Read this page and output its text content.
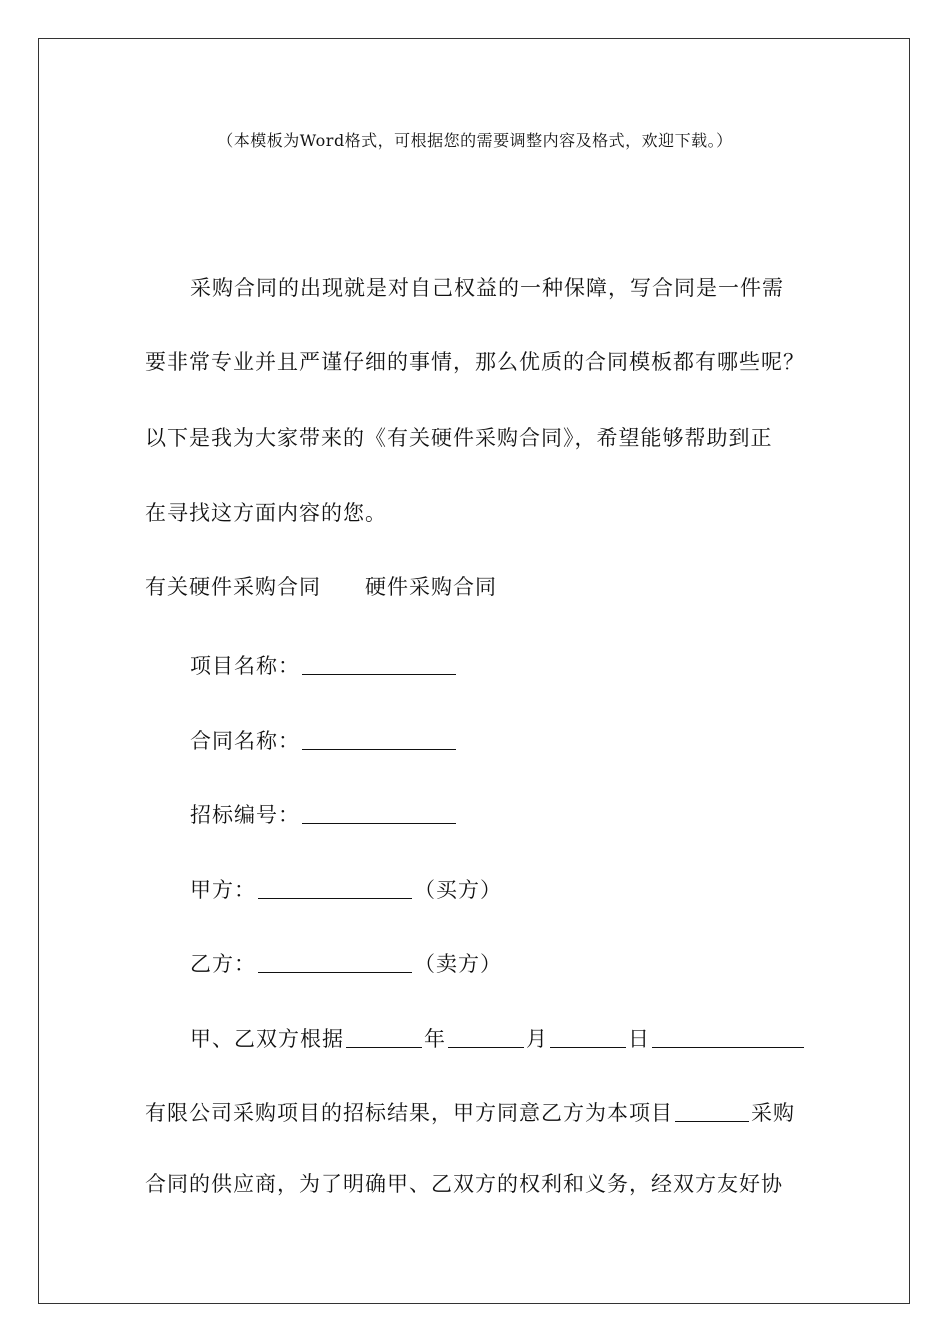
（本模板为Word格式，可根据您的需要调整内容及格式，欢迎下载。）
采购合同的出现就是对自己权益的一种保障，写合同是一件需
要非常专业并且严谨仔细的事情，那么优质的合同模板都有哪些呢？
以下是我为大家带来的《有关硬件采购合同》，希望能够帮助到正
在寻找这方面内容的您。
有关硬件采购合同 硬件采购合同
项目名称：
合同名称：
招标编号：
甲方：	（买方）
乙方：	（卖方）
甲、乙双方根据	年	月	日
有限公司采购项目的招标结果，甲方同意乙方为本项目	采购
合同的供应商，为了明确甲、乙双方的权利和义务，经双方友好协
